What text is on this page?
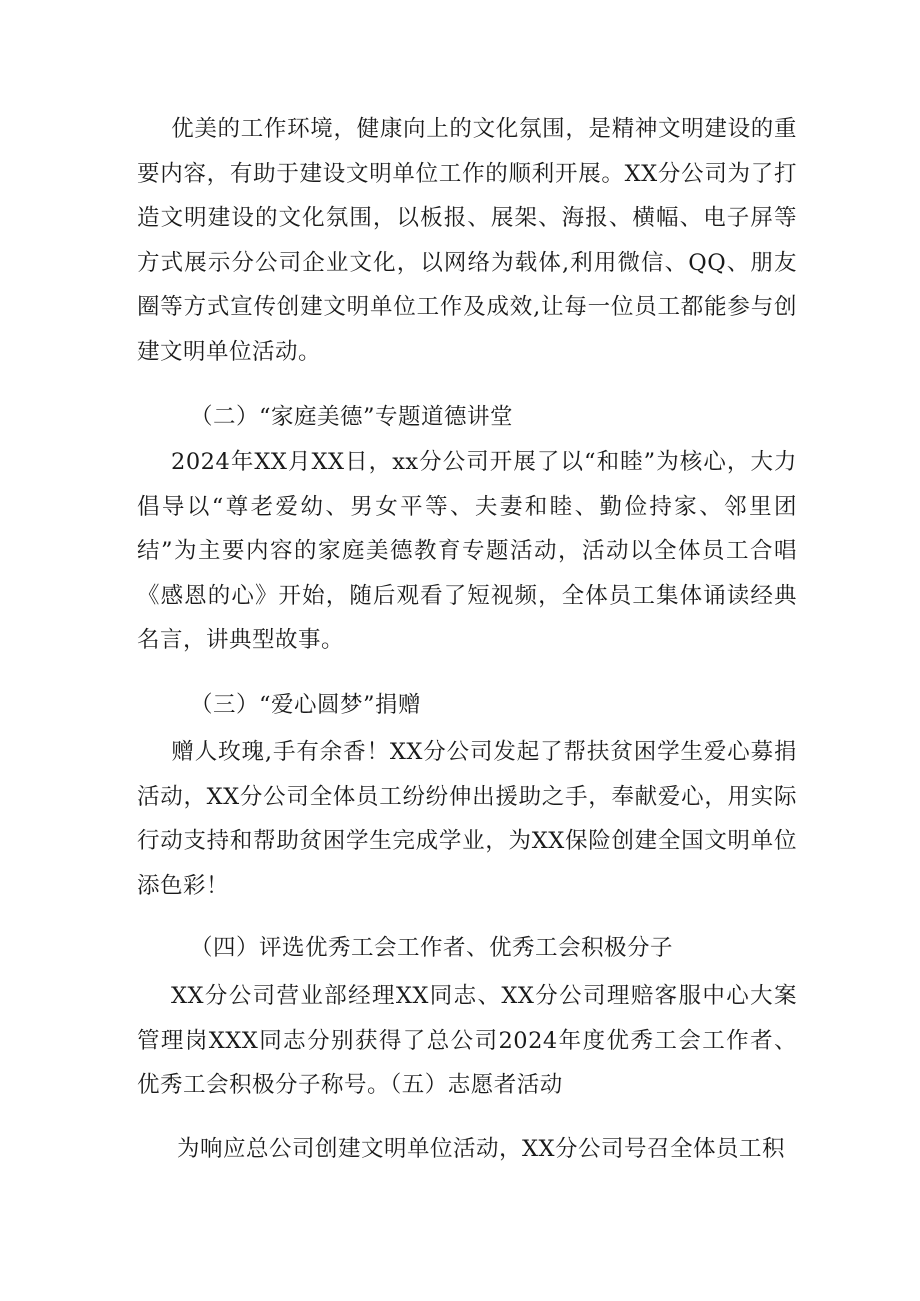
优美的工作环境，健康向上的文化氛围，是精神文明建设的重要内容，有助于建设文明单位工作的顺利开展。XX分公司为了打造文明建设的文化氛围，以板报、展架、海报、横幅、电子屏等方式展示分公司企业文化，以网络为载体,利用微信、QQ、朋友圈等方式宣传创建文明单位工作及成效,让每一位员工都能参与创建文明单位活动。

（二）“家庭美德”专题道德讲堂

2024年XX月XX日，xx分公司开展了以“和睦”为核心，大力倡导以“尊老爱幼、男女平等、夫妻和睦、勤俭持家、邻里团结”为主要内容的家庭美德教育专题活动，活动以全体员工合唱《感恩的心》开始，随后观看了短视频，全体员工集体诵读经典名言，讲典型故事。

（三）“爱心圆梦”捐赠

赠人玫瑰,手有余香！XX分公司发起了帮扶贫困学生爱心募捐活动，XX分公司全体员工纷纷伸出援助之手，奉献爱心，用实际行动支持和帮助贫困学生完成学业，为XX保险创建全国文明单位添色彩！

（四）评选优秀工会工作者、优秀工会积极分子

XX分公司营业部经理XX同志、XX分公司理赔客服中心大案管理岗XXX同志分别获得了总公司2024年度优秀工会工作者、优秀工会积极分子称号。（五）志愿者活动

为响应总公司创建文明单位活动，XX分公司号召全体员工积
